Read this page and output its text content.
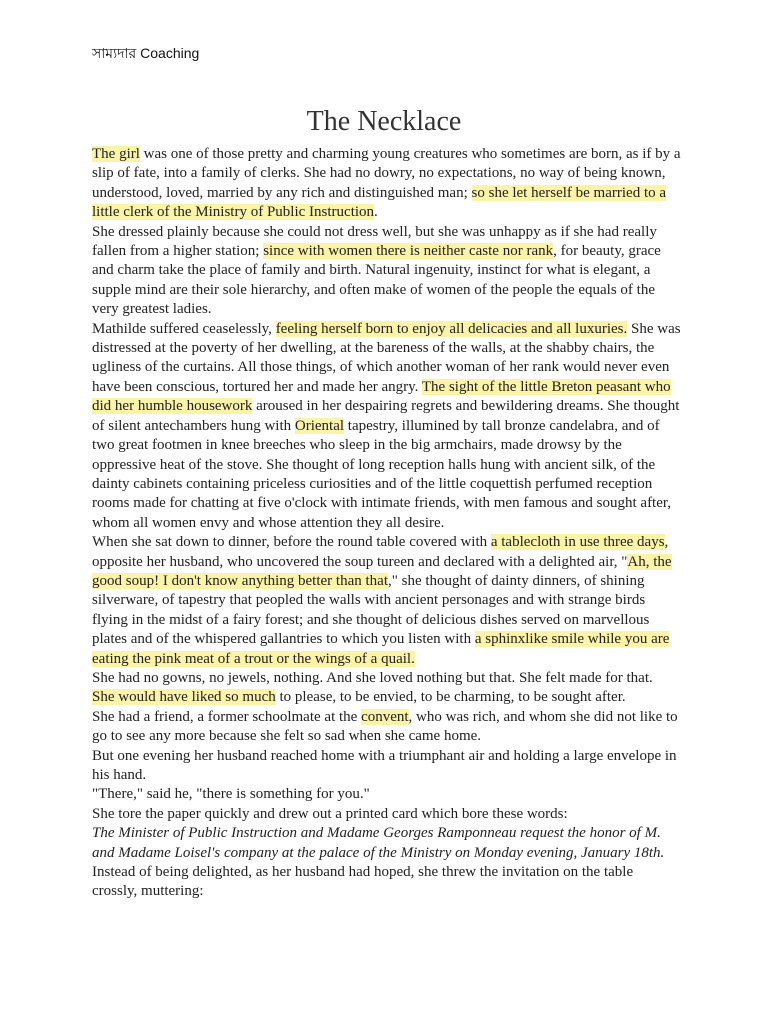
সাম্যদার Coaching
The Necklace

The girl was one of those pretty and charming young creatures who sometimes are born, as if by a slip of fate, into a family of clerks. She had no dowry, no expectations, no way of being known, understood, loved, married by any rich and distinguished man; so she let herself be married to a little clerk of the Ministry of Public Instruction.

She dressed plainly because she could not dress well, but she was unhappy as if she had really fallen from a higher station; since with women there is neither caste nor rank, for beauty, grace and charm take the place of family and birth. Natural ingenuity, instinct for what is elegant, a supple mind are their sole hierarchy, and often make of women of the people the equals of the very greatest ladies.

Mathilde suffered ceaselessly, feeling herself born to enjoy all delicacies and all luxuries. She was distressed at the poverty of her dwelling, at the bareness of the walls, at the shabby chairs, the ugliness of the curtains. All those things, of which another woman of her rank would never even have been conscious, tortured her and made her angry. The sight of the little Breton peasant who did her humble housework aroused in her despairing regrets and bewildering dreams. She thought of silent antechambers hung with Oriental tapestry, illumined by tall bronze candelabra, and of two great footmen in knee breeches who sleep in the big armchairs, made drowsy by the oppressive heat of the stove. She thought of long reception halls hung with ancient silk, of the dainty cabinets containing priceless curiosities and of the little coquettish perfumed reception rooms made for chatting at five o'clock with intimate friends, with men famous and sought after, whom all women envy and whose attention they all desire.

When she sat down to dinner, before the round table covered with a tablecloth in use three days, opposite her husband, who uncovered the soup tureen and declared with a delighted air, "Ah, the good soup! I don't know anything better than that," she thought of dainty dinners, of shining silverware, of tapestry that peopled the walls with ancient personages and with strange birds flying in the midst of a fairy forest; and she thought of delicious dishes served on marvellous plates and of the whispered gallantries to which you listen with a sphinxlike smile while you are eating the pink meat of a trout or the wings of a quail.

She had no gowns, no jewels, nothing. And she loved nothing but that. She felt made for that.

She would have liked so much to please, to be envied, to be charming, to be sought after.

She had a friend, a former schoolmate at the convent, who was rich, and whom she did not like to go to see any more because she felt so sad when she came home.

But one evening her husband reached home with a triumphant air and holding a large envelope in his hand.

"There," said he, "there is something for you."

She tore the paper quickly and drew out a printed card which bore these words:

The Minister of Public Instruction and Madame Georges Ramponneau request the honor of M. and Madame Loisel's company at the palace of the Ministry on Monday evening, January 18th.

Instead of being delighted, as her husband had hoped, she threw the invitation on the table crossly, muttering:
